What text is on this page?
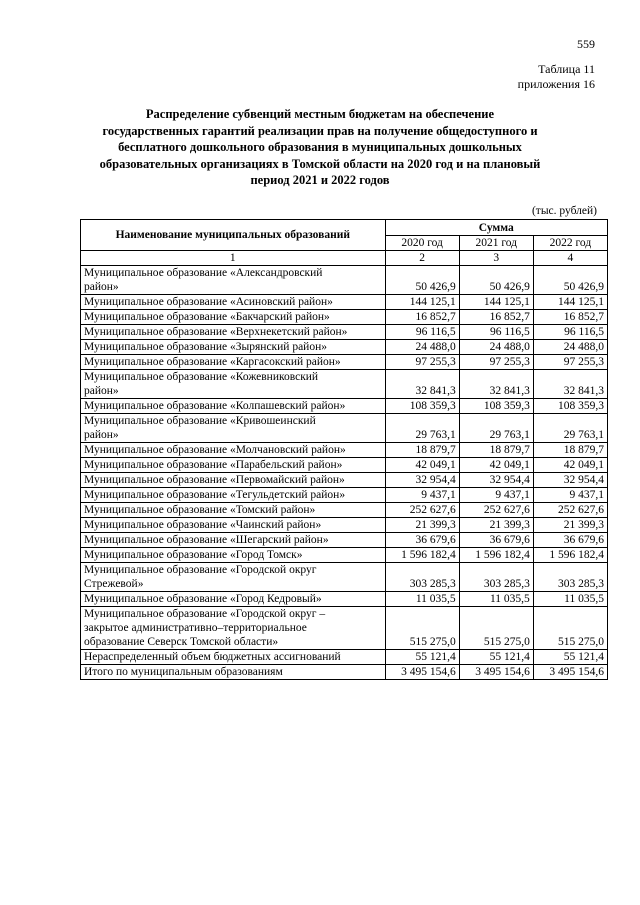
559
Таблица 11
приложения 16
Распределение субвенций местным бюджетам на обеспечение
государственных гарантий реализации прав на получение общедоступного и
бесплатного дошкольного образования в муниципальных дошкольных
образовательных организациях в Томской области на 2020 год и на плановый
период 2021 и 2022 годов
(тыс. рублей)
Наименование муниципальных образований	Сумма		
	2020 год	2021 год	2022 год
1	2	3	4

Муниципальное образование «Александровский
район»	50 426,9	50 426,9	50 426,9

Муниципальное образование «Асиновский район»	144 125,1	144 125,1	144 125,1

Муниципальное образование «Бакчарский район»	16 852,7	16 852,7	16 852,7

Муниципальное образование «Верхнекетский район»	96 116,5	96 116,5	96 116,5

Муниципальное образование «Зырянский район»	24 488,0	24 488,0	24 488,0

Муниципальное образование «Каргасокский район»	97 255,3	97 255,3	97 255,3

Муниципальное образование «Кожевниковский
район»	32 841,3	32 841,3	32 841,3

Муниципальное образование «Колпашевский район»	108 359,3	108 359,3	108 359,3

Муниципальное образование «Кривошеинский
район»	29 763,1	29 763,1	29 763,1

Муниципальное образование «Молчановский район»	18 879,7	18 879,7	18 879,7

Муниципальное образование «Парабельский район»	42 049,1	42 049,1	42 049,1

Муниципальное образование «Первомайский район»	32 954,4	32 954,4	32 954,4

Муниципальное образование «Тегульдетский район»	9 437,1	9 437,1	9 437,1

Муниципальное образование «Томский район»	252 627,6	252 627,6	252 627,6

Муниципальное образование «Чаинский район»	21 399,3	21 399,3	21 399,3

Муниципальное образование «Шегарский район»	36 679,6	36 679,6	36 679,6

Муниципальное образование «Город Томск»	1 596 182,4	1 596 182,4	1 596 182,4

Муниципальное образование «Городской округ
Стрежевой»	303 285,3	303 285,3	303 285,3

Муниципальное образование «Город Кедровый»	11 035,5	11 035,5	11 035,5

Муниципальное образование «Городской округ –
закрытое административно–территориальное
образование Северск Томской области»	515 275,0	515 275,0	515 275,0

Нераспределенный объем бюджетных ассигнований	55 121,4	55 121,4	55 121,4
Итого по муниципальным образованиям	3 495 154,6	3 495 154,6	3 495 154,6
